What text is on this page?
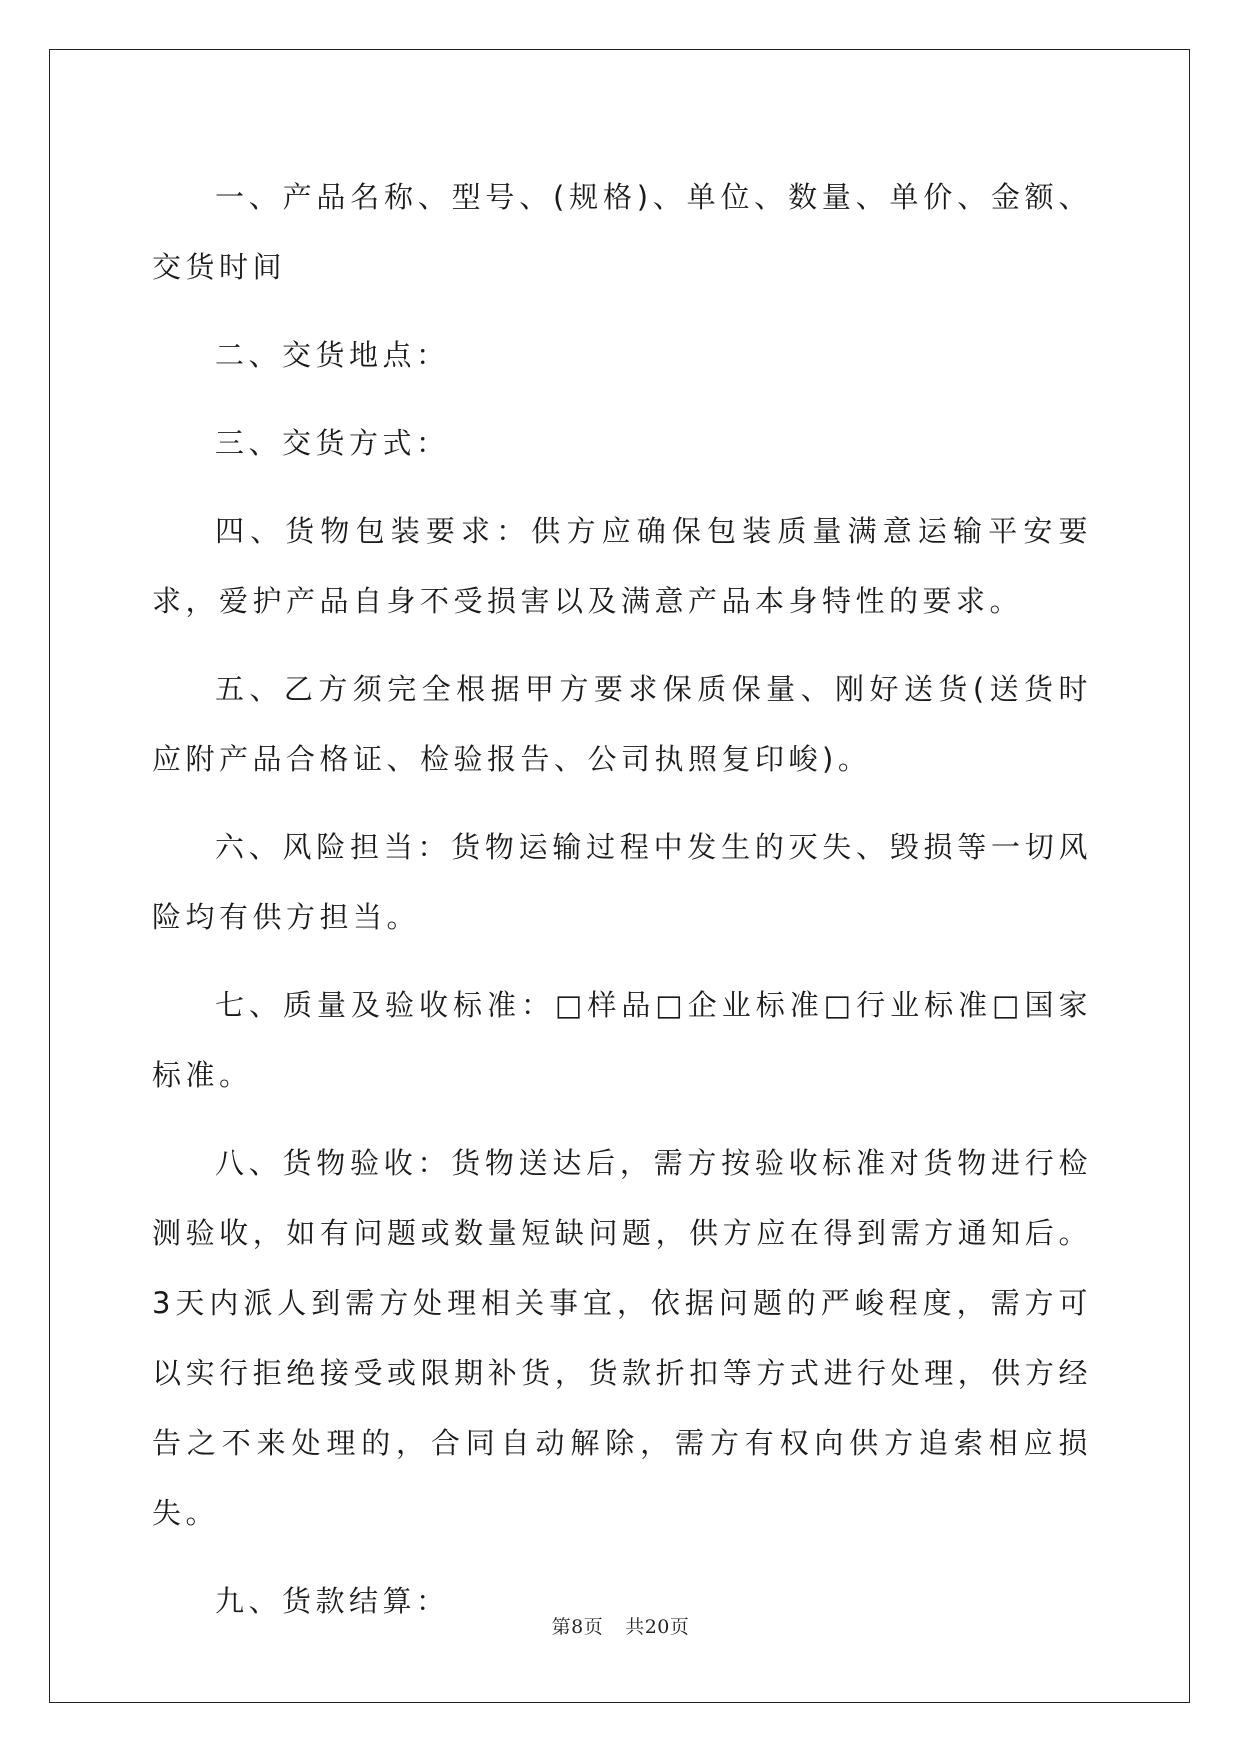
一、产品名称、型号、(规格)、单位、数量、单价、金额、交货时间

二、交货地点：

三、交货方式：

四、货物包装要求：供方应确保包装质量满意运输平安要求，爱护产品自身不受损害以及满意产品本身特性的要求。

五、乙方须完全根据甲方要求保质保量、刚好送货(送货时应附产品合格证、检验报告、公司执照复印峻)。

六、风险担当：货物运输过程中发生的灭失、毁损等一切风险均有供方担当。

七、质量及验收标准：□样品□企业标准□行业标准□国家标准。

八、货物验收：货物送达后，需方按验收标准对货物进行检测验收，如有问题或数量短缺问题，供方应在得到需方通知后。3天内派人到需方处理相关事宜，依据问题的严峻程度，需方可以实行拒绝接受或限期补货，货款折扣等方式进行处理，供方经告之不来处理的，合同自动解除，需方有权向供方追索相应损失。

九、货款结算：

第8页 共20页
